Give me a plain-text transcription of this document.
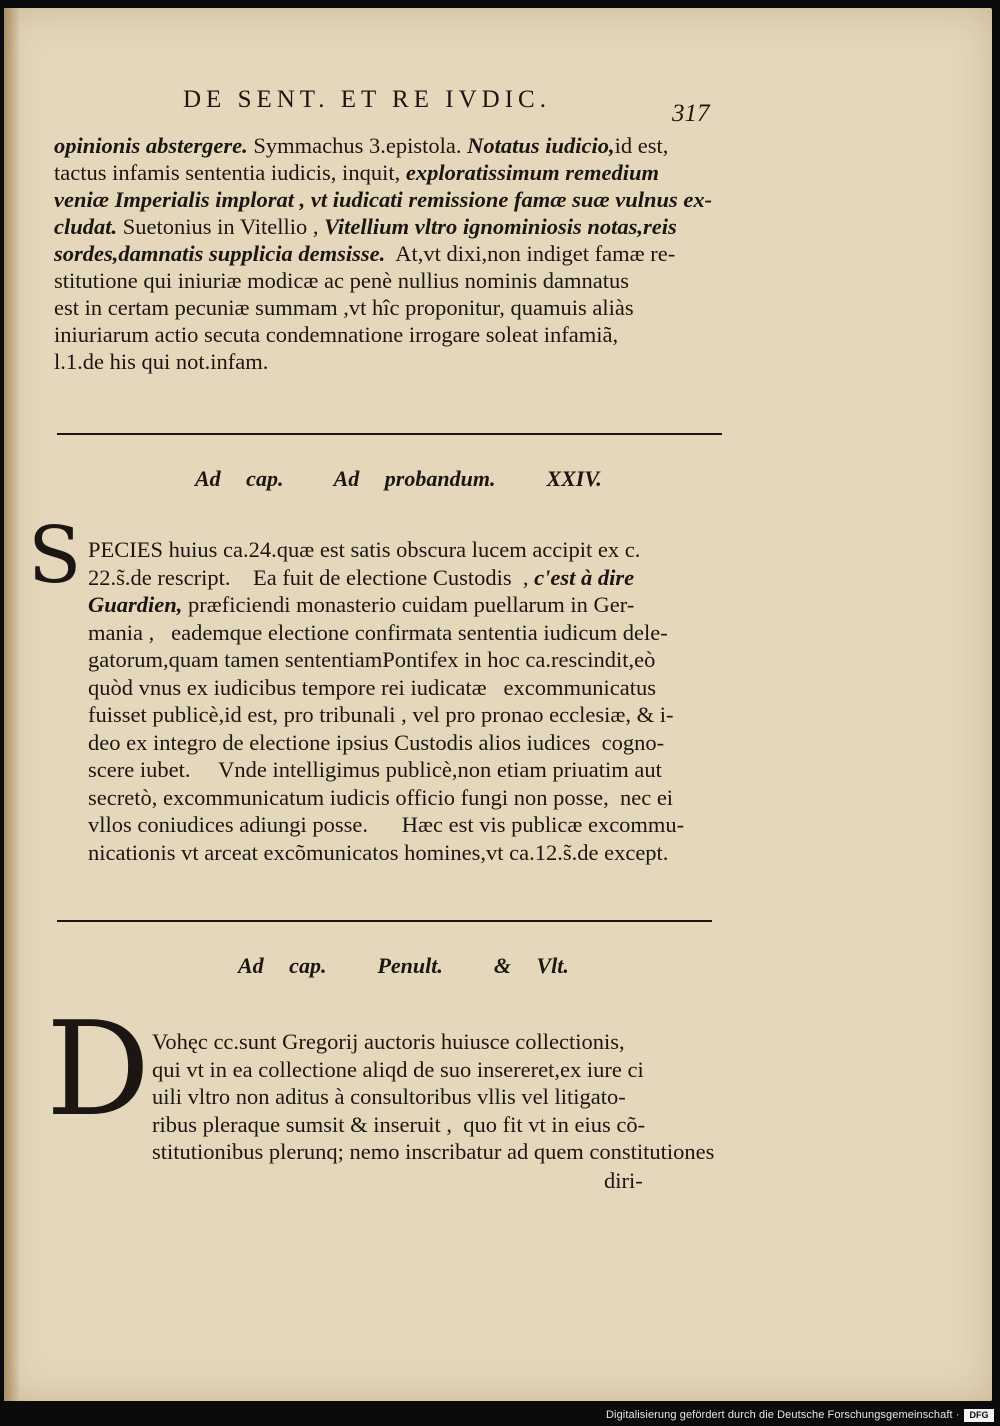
DE SENT. ET RE IVDIC.
317
opinionis abstergere. Symmachus 3.epistola. Notatus iudicio,id est,
tactus infamis sententia iudicis, inquit, exploratissimum remedium
veniæ Imperialis implorat , vt iudicati remissione famæ suæ vulnus ex-
cludat. Suetonius in Vitellio , Vitellium vltro ignominiosis notas,reis
sordes,damnatis supplicia demsisse.  At,vt dixi,non indiget famæ re-
stitutione qui iniuriæ modicæ ac penè nullius nominis damnatus
est in certam pecuniæ summam ,vt hîc proponitur, quamuis aliàs
iniuriarum actio secuta condemnatione irrogare soleat infamiã,
l.1.de his qui not.infam.
Ad cap.  Ad probandum.  XXIV.
S PECIES huius ca.24.quæ est satis obscura lucem accipit ex c.
22.s̃.de rescript.    Ea fuit de electione Custodis  , c'est à dire
Guardien, præficiendi monasterio cuidam puellarum in Ger-
mania ,   eademque electione confirmata sententia iudicum dele-
gatorum,quam tamen sententiamPontifex in hoc ca.rescindit,eò
quòd vnus ex iudicibus tempore rei iudicatæ   excommunicatus
fuisset publicè,id est, pro tribunali , vel pro pronao ecclesiæ, & i-
deo ex integro de electione ipsius Custodis alios iudices  cogno-
scere iubet.     Vnde intelligimus publicè,non etiam priuatim aut
secretò, excommunicatum iudicis officio fungi non posse,  nec ei
vllos coniudices adiungi posse.      Hæc est vis publicæ excommu-
nicationis vt arceat excõmunicatos homines,vt ca.12.s̃.de except.
Ad cap.  Penult.  & Vlt.
D Vohęc cc.sunt Gregorij auctoris huiusce collectionis,
qui vt in ea collectione aliqd de suo insereret,ex iure ci
uili vltro non aditus à consultoribus vllis vel litigato-
ribus pleraque sumsit & inseruit ,  quo fit vt in eius cõ-
stitutionibus plerunq; nemo inscribatur ad quem constitutiones
diri-
Digitalisierung gefördert durch die Deutsche Forschungsgemeinschaft ·	DFG
